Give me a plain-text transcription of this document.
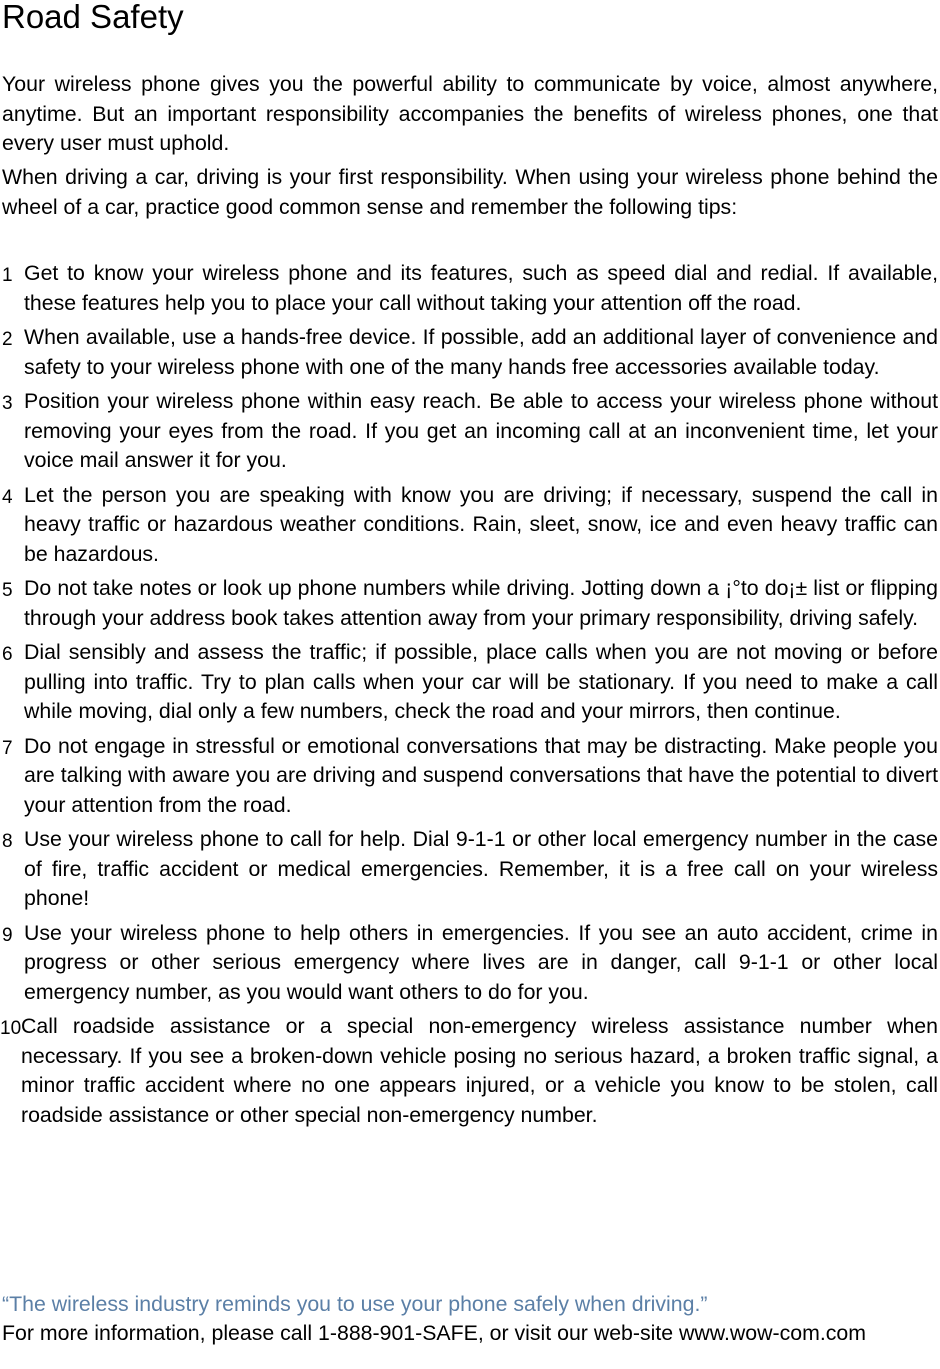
Road Safety

Your wireless phone gives you the powerful ability to communicate by voice, almost anywhere, anytime. But an important responsibility accompanies the benefits of wireless phones, one that every user must uphold.

When driving a car, driving is your first responsibility. When using your wireless phone behind the wheel of a car, practice good common sense and remember the following tips:

1 Get to know your wireless phone and its features, such as speed dial and redial. If available, these features help you to place your call without taking your attention off the road.
2 When available, use a hands-free device. If possible, add an additional layer of convenience and safety to your wireless phone with one of the many hands free accessories available today.
3 Position your wireless phone within easy reach. Be able to access your wireless phone without removing your eyes from the road. If you get an incoming call at an inconvenient time, let your voice mail answer it for you.
4 Let the person you are speaking with know you are driving; if necessary, suspend the call in heavy traffic or hazardous weather conditions. Rain, sleet, snow, ice and even heavy traffic can be hazardous.
5 Do not take notes or look up phone numbers while driving. Jotting down a ¡°to do¡± list or flipping through your address book takes attention away from your primary responsibility, driving safely.
6 Dial sensibly and assess the traffic; if possible, place calls when you are not moving or before pulling into traffic. Try to plan calls when your car will be stationary. If you need to make a call while moving, dial only a few numbers, check the road and your mirrors, then continue.
7 Do not engage in stressful or emotional conversations that may be distracting. Make people you are talking with aware you are driving and suspend conversations that have the potential to divert your attention from the road.
8 Use your wireless phone to call for help. Dial 9-1-1 or other local emergency number in the case of fire, traffic accident or medical emergencies. Remember, it is a free call on your wireless phone!
9 Use your wireless phone to help others in emergencies. If you see an auto accident, crime in progress or other serious emergency where lives are in danger, call 9-1-1 or other local emergency number, as you would want others to do for you.
10 Call roadside assistance or a special non-emergency wireless assistance number when necessary. If you see a broken-down vehicle posing no serious hazard, a broken traffic signal, a minor traffic accident where no one appears injured, or a vehicle you know to be stolen, call roadside assistance or other special non-emergency number.

“The wireless industry reminds you to use your phone safely when driving.”

For more information, please call 1-888-901-SAFE, or visit our web-site www.wow-com.com
